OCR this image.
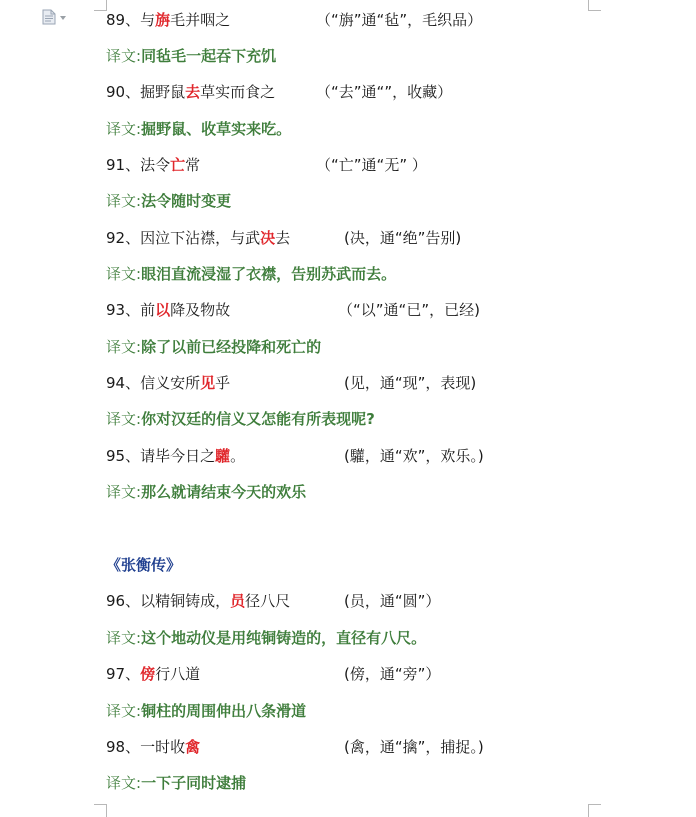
89、与旃毛并咽之	（“旃”通“毡”，毛织品）
译文:同毡毛一起吞下充饥
90、掘野鼠去草实而食之	（“去”通“”，收藏）
译文:掘野鼠、收草实来吃。
91、法令亡常	（“亡”通“无” ）
译文:法令随时变更
92、因泣下沾襟，与武决去	(决，通“绝”告别)
译文:眼泪直流浸湿了衣襟，告别苏武而去。
93、前以降及物故	（“以”通“已”，已经)
译文:除了以前已经投降和死亡的
94、信义安所见乎	(见，通“现”，表现)
译文:你对汉廷的信义又怎能有所表现呢?
95、请毕今日之驩。	(驩，通“欢”，欢乐。)
译文:那么就请结束今天的欢乐
《张衡传》
96、以精铜铸成，员径八尺	(员，通“圆”）
译文:这个地动仪是用纯铜铸造的，直径有八尺。
97、傍行八道	(傍，通“旁”）
译文:铜柱的周围伸出八条滑道
98、一时收禽	(禽，通“擒”，捕捉。)
译文:一下子同时逮捕
